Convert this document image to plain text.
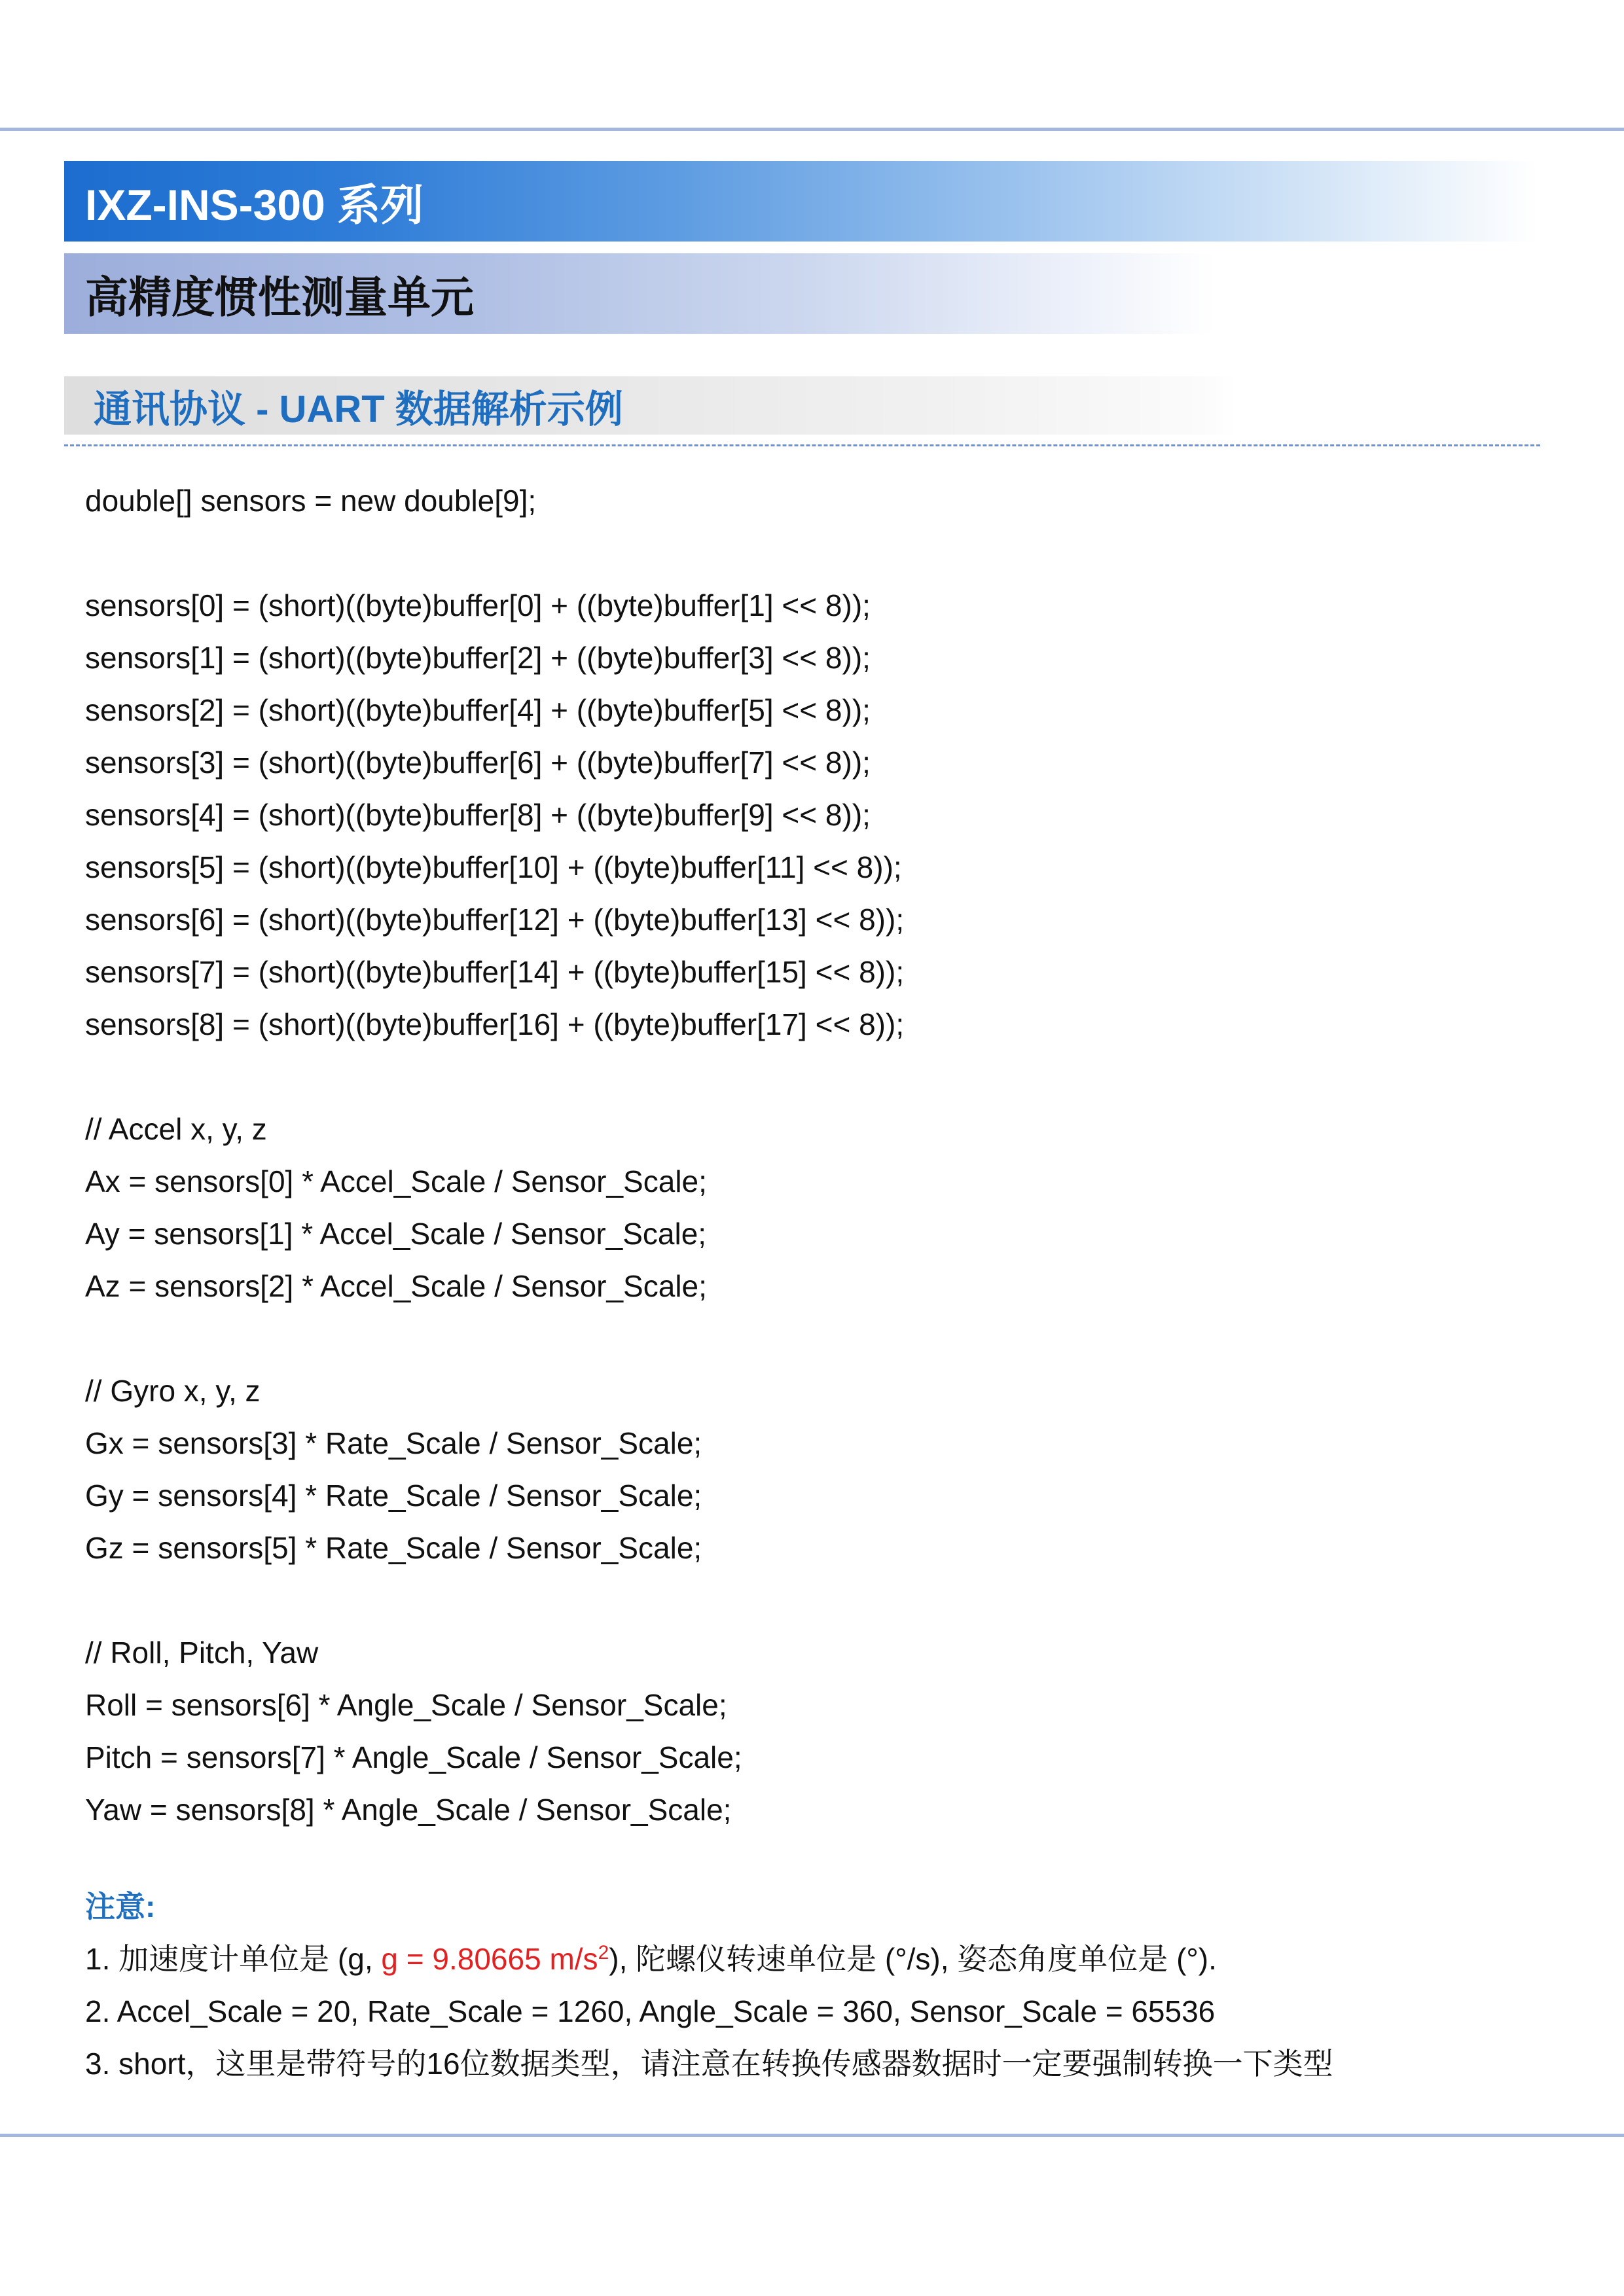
IXZ-INS-300 系列
高精度惯性测量单元
通讯协议 - UART 数据解析示例
double[] sensors = new double[9];
sensors[0] = (short)((byte)buffer[0] + ((byte)buffer[1] << 8));
sensors[1] = (short)((byte)buffer[2] + ((byte)buffer[3] << 8));
sensors[2] = (short)((byte)buffer[4] + ((byte)buffer[5] << 8));
sensors[3] = (short)((byte)buffer[6] + ((byte)buffer[7] << 8));
sensors[4] = (short)((byte)buffer[8] + ((byte)buffer[9] << 8));
sensors[5] = (short)((byte)buffer[10] + ((byte)buffer[11] << 8));
sensors[6] = (short)((byte)buffer[12] + ((byte)buffer[13] << 8));
sensors[7] = (short)((byte)buffer[14] + ((byte)buffer[15] << 8));
sensors[8] = (short)((byte)buffer[16] + ((byte)buffer[17] << 8));
// Accel x, y, z
Ax = sensors[0] * Accel_Scale / Sensor_Scale;
Ay = sensors[1] * Accel_Scale / Sensor_Scale;
Az = sensors[2] * Accel_Scale / Sensor_Scale;
// Gyro x, y, z
Gx = sensors[3] * Rate_Scale / Sensor_Scale;
Gy = sensors[4] * Rate_Scale / Sensor_Scale;
Gz = sensors[5] * Rate_Scale / Sensor_Scale;
// Roll, Pitch, Yaw
Roll = sensors[6] * Angle_Scale / Sensor_Scale;
Pitch = sensors[7] * Angle_Scale / Sensor_Scale;
Yaw = sensors[8] * Angle_Scale / Sensor_Scale;
注意:
1. 加速度计单位是 (g, g = 9.80665 $m/s^2$), 陀螺仪转速单位是 (°/s), 姿态角度单位是 (°).
2. Accel_Scale = 20, Rate_Scale = 1260, Angle_Scale = 360, Sensor_Scale = 65536
3. short，这里是带符号的16位数据类型，请注意在转换传感器数据时一定要强制转换一下类型
